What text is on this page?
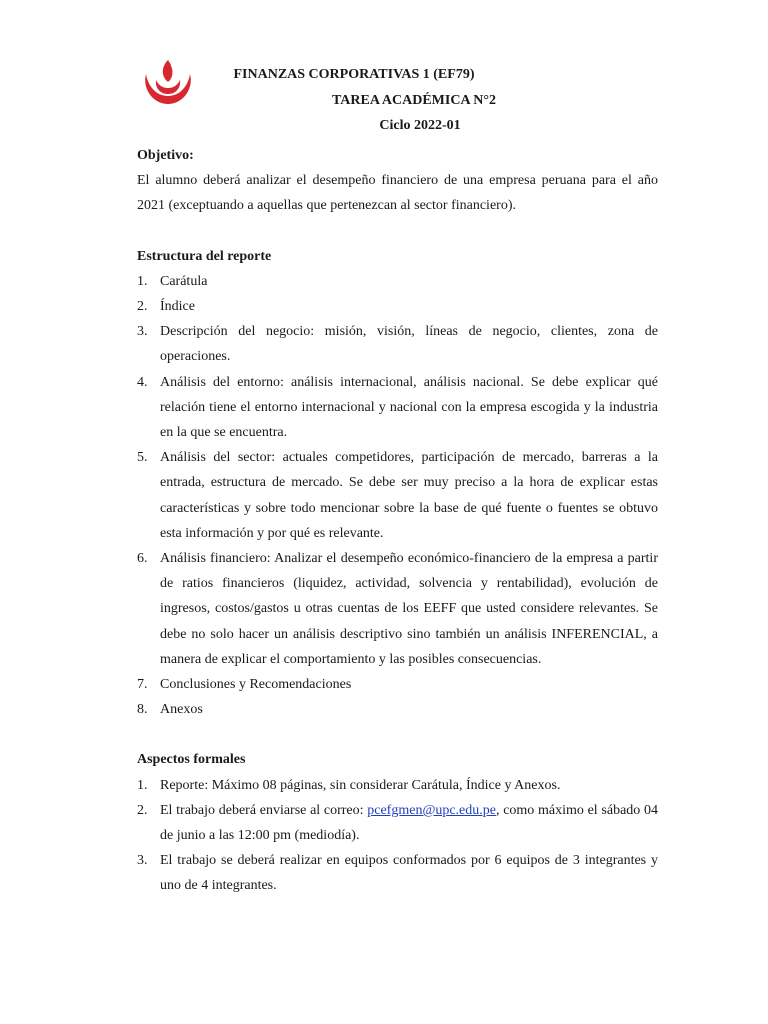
FINANZAS CORPORATIVAS 1 (EF79)
TAREA ACADÉMICA N°2
Ciclo 2022-01
Objetivo:
El alumno deberá analizar el desempeño financiero de una empresa peruana para el año 2021 (exceptuando a aquellas que pertenezcan al sector financiero).
Estructura del reporte
1. Carátula
2. Índice
3. Descripción del negocio: misión, visión, líneas de negocio, clientes, zona de operaciones.
4. Análisis del entorno: análisis internacional, análisis nacional. Se debe explicar qué relación tiene el entorno internacional y nacional con la empresa escogida y la industria en la que se encuentra.
5. Análisis del sector: actuales competidores, participación de mercado, barreras a la entrada, estructura de mercado. Se debe ser muy preciso a la hora de explicar estas características y sobre todo mencionar sobre la base de qué fuente o fuentes se obtuvo esta información y por qué es relevante.
6. Análisis financiero: Analizar el desempeño económico-financiero de la empresa a partir de ratios financieros (liquidez, actividad, solvencia y rentabilidad), evolución de ingresos, costos/gastos u otras cuentas de los EEFF que usted considere relevantes. Se debe no solo hacer un análisis descriptivo sino también un análisis INFERENCIAL, a manera de explicar el comportamiento y las posibles consecuencias.
7. Conclusiones y Recomendaciones
8. Anexos
Aspectos formales
1. Reporte: Máximo 08 páginas, sin considerar Carátula, Índice y Anexos.
2. El trabajo deberá enviarse al correo: pcefgmen@upc.edu.pe, como máximo el sábado 04 de junio a las 12:00 pm (mediodía).
3. El trabajo se deberá realizar en equipos conformados por 6 equipos de 3 integrantes y uno de 4 integrantes.
